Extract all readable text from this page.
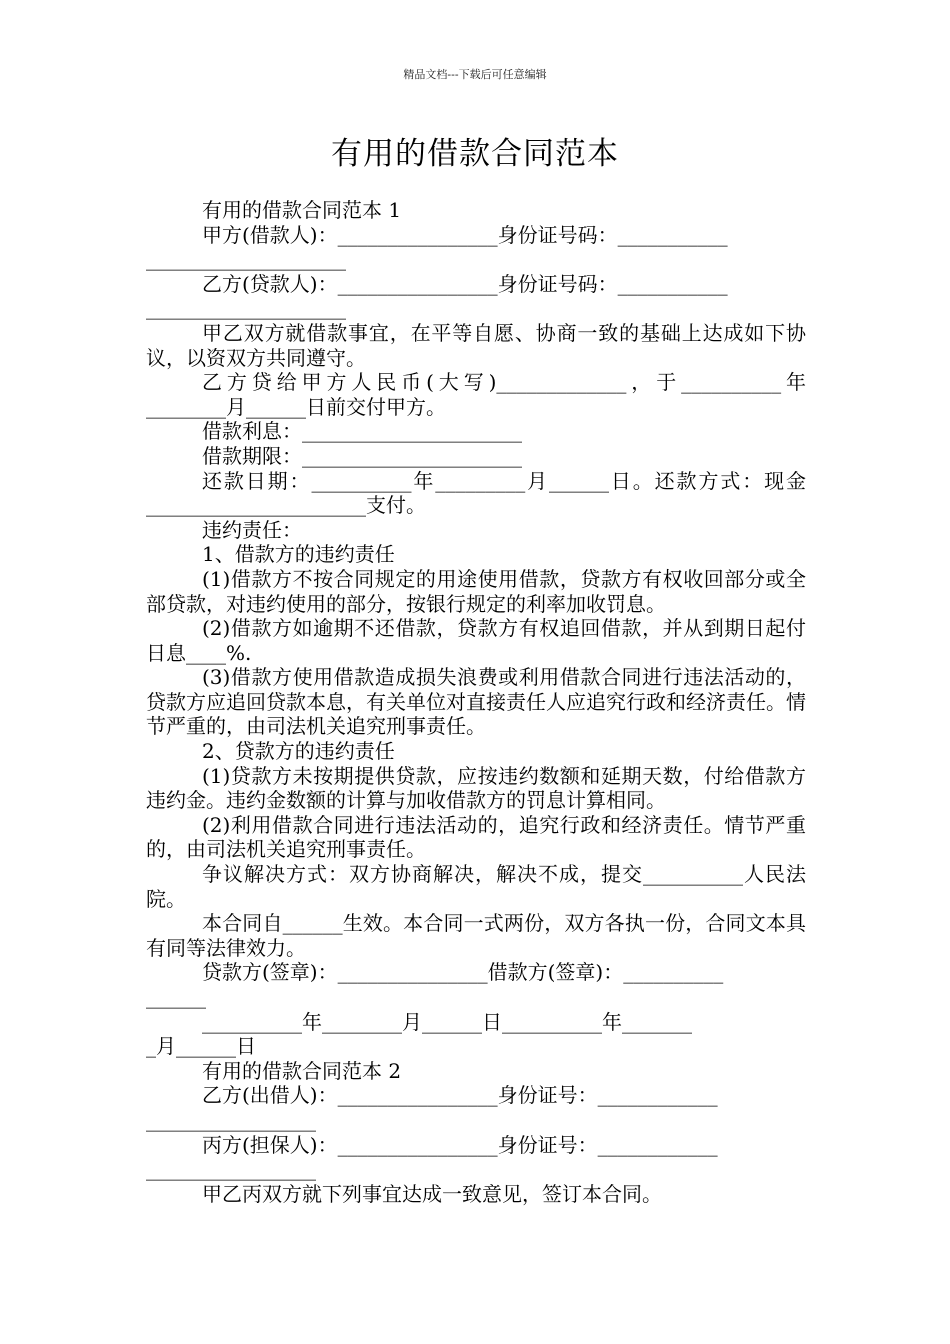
精品文档---下载后可任意编辑
有用的借款合同范本

有用的借款合同范本 1

甲方(借款人)：________________身份证号码：___________

____________________

乙方(贷款人)：________________身份证号码：___________

____________________

甲乙双方就借款事宜，在平等自愿、协商一致的基础上达成如下协议，以资双方共同遵守。

乙方贷给甲方人民币(大写)_____________，于__________年________月______日前交付甲方。

借款利息：______________________

借款期限：______________________

还款日期：__________年_________月______日。还款方式：现金______________________支付。

违约责任：

1、借款方的违约责任

(1)借款方不按合同规定的用途使用借款，贷款方有权收回部分或全部贷款，对违约使用的部分，按银行规定的利率加收罚息。

(2)借款方如逾期不还借款，贷款方有权追回借款，并从到期日起付日息____%.

(3)借款方使用借款造成损失浪费或利用借款合同进行违法活动的，贷款方应追回贷款本息，有关单位对直接责任人应追究行政和经济责任。情节严重的，由司法机关追究刑事责任。

2、贷款方的违约责任

(1)贷款方未按期提供贷款，应按违约数额和延期天数，付给借款方违约金。违约金数额的计算与加收借款方的罚息计算相同。

(2)利用借款合同进行违法活动的，追究行政和经济责任。情节严重的，由司法机关追究刑事责任。

争议解决方式：双方协商解决，解决不成，提交__________人民法院。

本合同自______生效。本合同一式两份，双方各执一份，合同文本具有同等法律效力。

贷款方(签章)：_______________借款方(签章)：__________

______

__________年________月______日__________年_______

_月______日

有用的借款合同范本 2

乙方(出借人)：________________身份证号：____________

_________________

丙方(担保人)：________________身份证号：____________

_________________

甲乙丙双方就下列事宜达成一致意见，签订本合同。
